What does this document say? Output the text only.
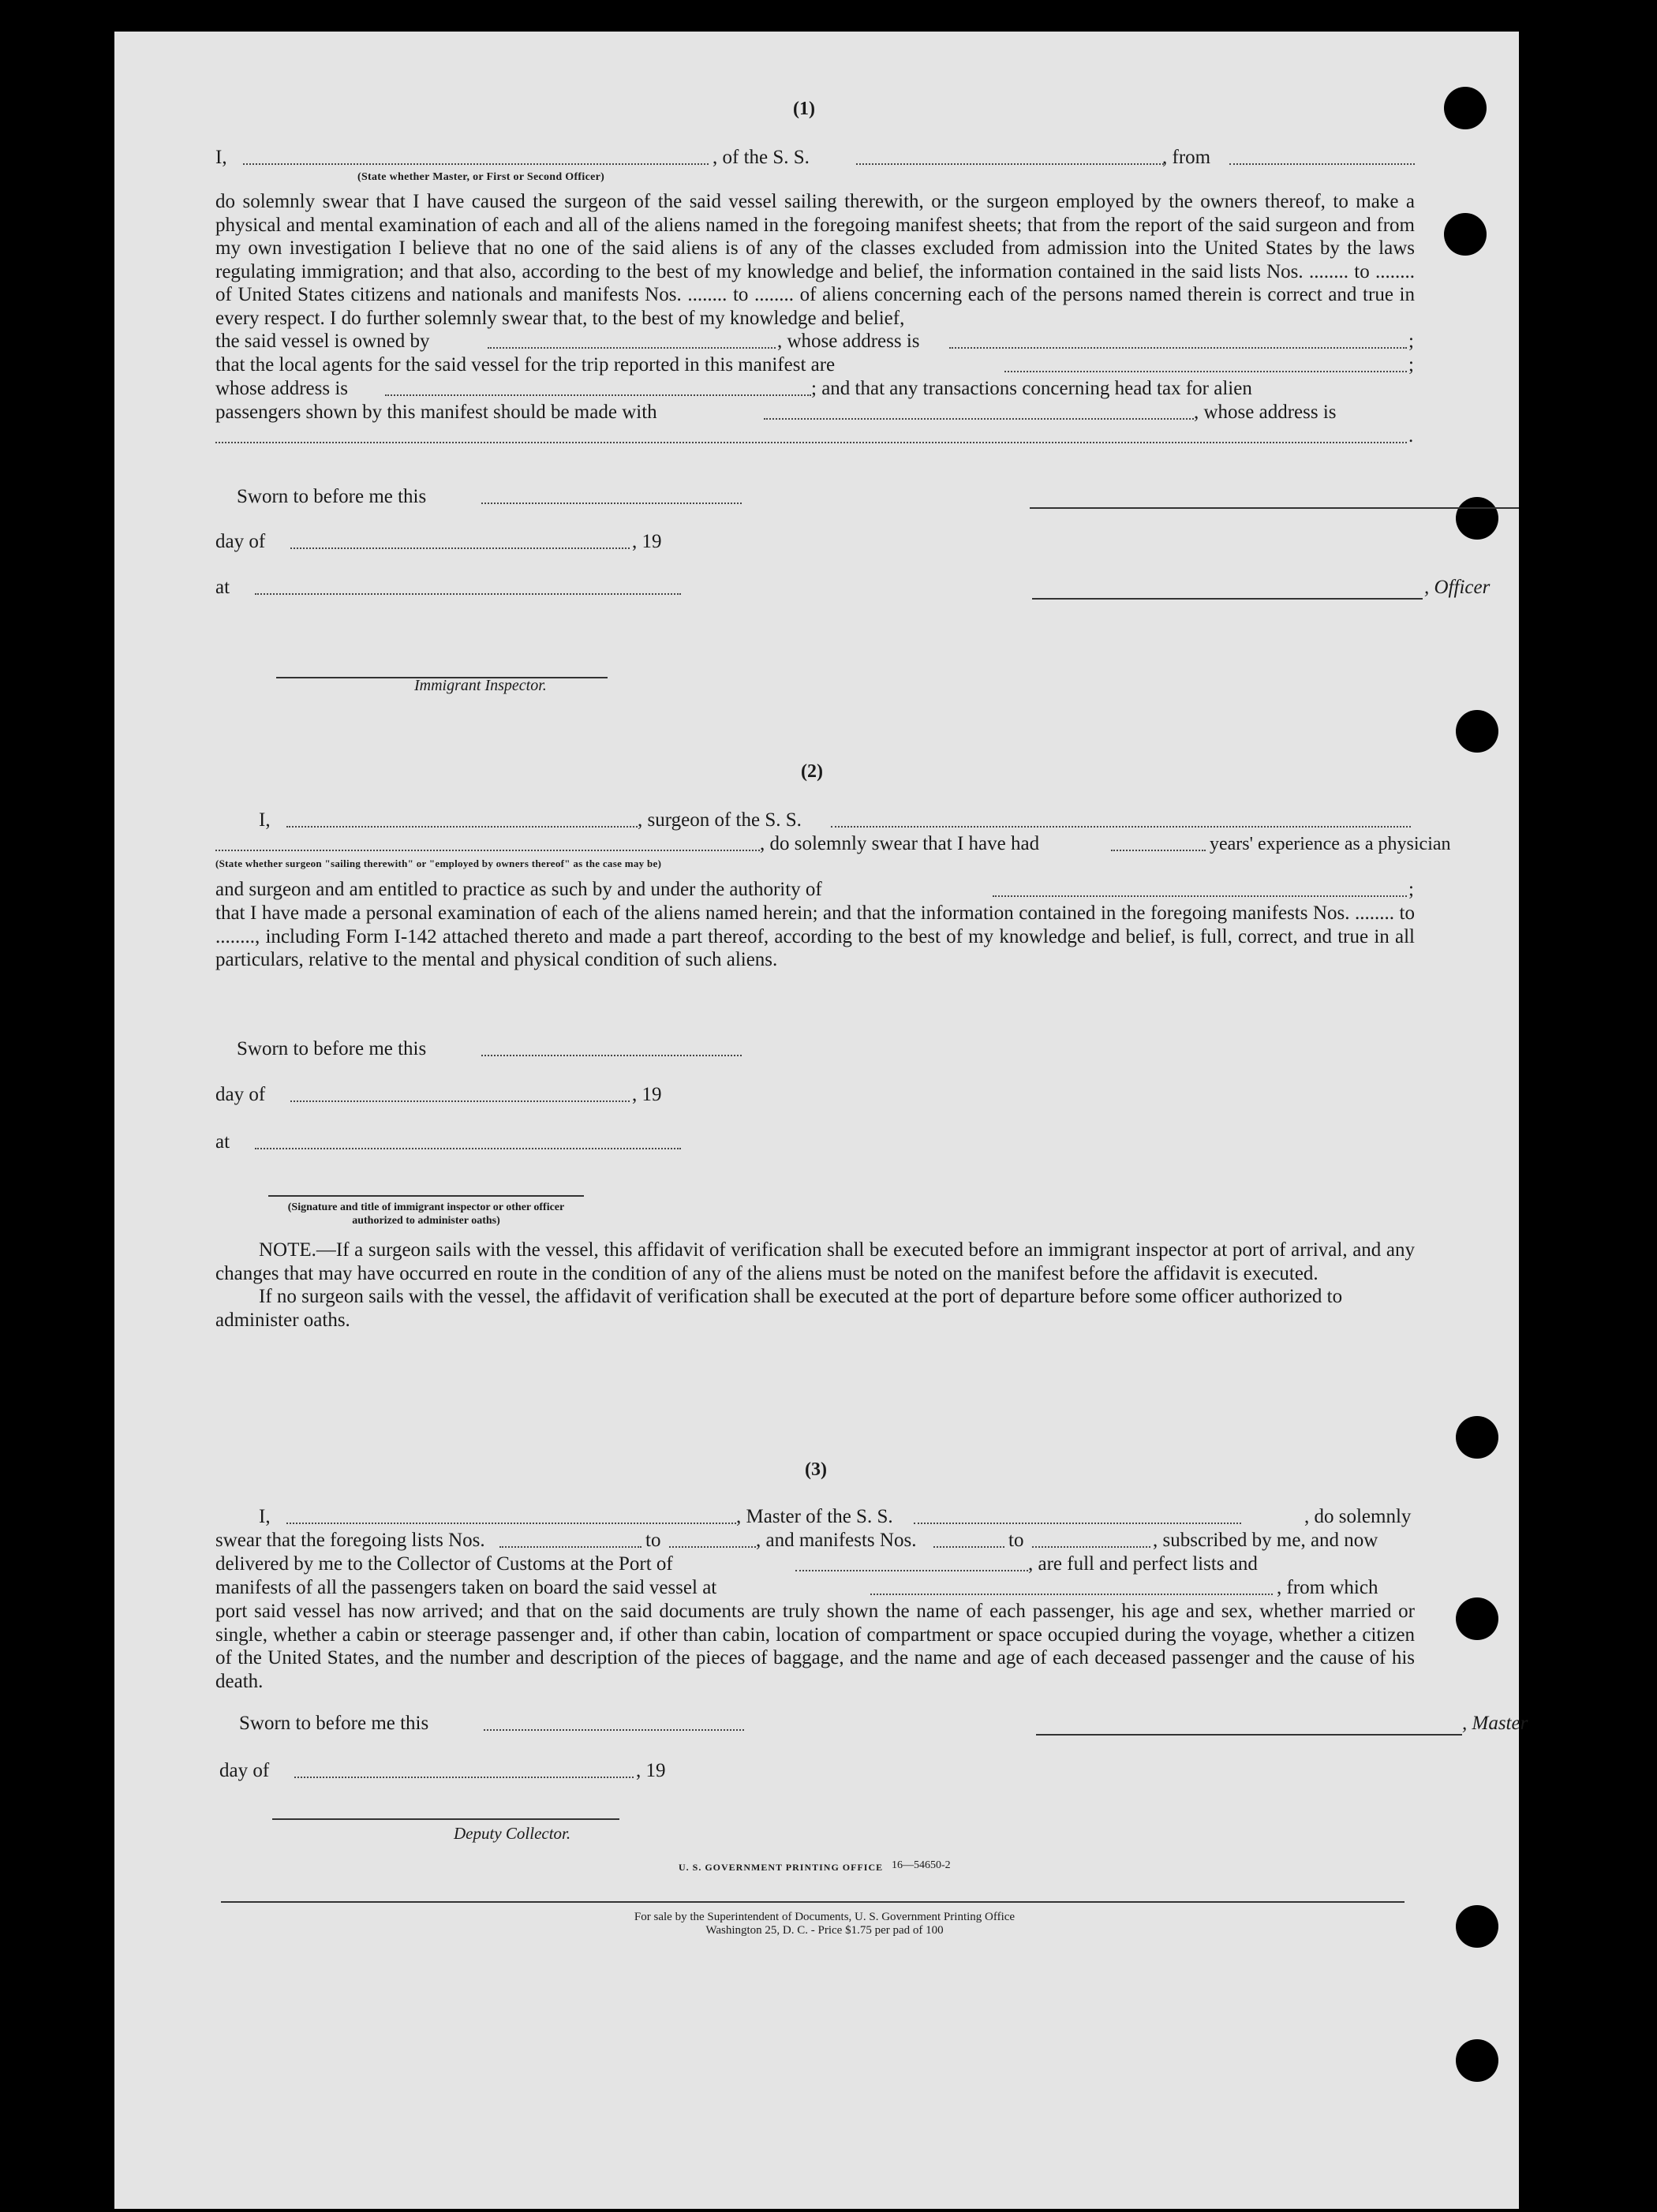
(1)
I,	, of the S. S.	, from
(State whether Master, or First or Second Officer)

do solemnly swear that I have caused the surgeon of the said vessel sailing therewith, or the surgeon employed by the owners thereof, to make a physical and mental examination of each and all of the aliens named in the foregoing manifest sheets; that from the report of the said surgeon and from my own investigation I believe that no one of the said aliens is of any of the classes excluded from admission into the United States by the laws regulating immigration; and that also, according to the best of my knowledge and belief, the information contained in the said lists Nos. ........ to ........ of United States citizens and nationals and manifests Nos. ........ to ........ of aliens concerning each of the persons named therein is correct and true in every respect. I do further solemnly swear that, to the best of my knowledge and belief,

the said vessel is owned by	, whose address is	;
that the local agents for the said vessel for the trip reported in this manifest are	;
whose address is	; and that any transactions concerning head tax for alien
passengers shown by this manifest should be made with	, whose address is
.
Sworn to before me this
day of	, 19
at	, Officer
Immigrant Inspector.
(2)
I,	, surgeon of the S. S.
, do solemnly swear that I have had	years' experience as a physician
(State whether surgeon "sailing therewith" or "employed by owners thereof" as the case may be)
and surgeon and am entitled to practice as such by and under the authority of	;

that I have made a personal examination of each of the aliens named herein; and that the information contained in the foregoing manifests Nos. ........ to ........, including Form I-142 attached thereto and made a part thereof, according to the best of my knowledge and belief, is full, correct, and true in all particulars, relative to the mental and physical condition of such aliens.

Sworn to before me this
day of	, 19
at
(Signature and title of immigrant inspector or other officer authorized to administer oaths)

NOTE.—If a surgeon sails with the vessel, this affidavit of verification shall be executed before an immigrant inspector at port of arrival, and any changes that may have occurred en route in the condition of any of the aliens must be noted on the manifest before the affidavit is executed.

If no surgeon sails with the vessel, the affidavit of verification shall be executed at the port of departure before some officer authorized to administer oaths.

(3)
I,	, Master of the S. S.	, do solemnly
swear that the foregoing lists Nos.	to	, and manifests Nos.	to	, subscribed by me, and now
delivered by me to the Collector of Customs at the Port of	, are full and perfect lists and
manifests of all the passengers taken on board the said vessel at	, from which

port said vessel has now arrived; and that on the said documents are truly shown the name of each passenger, his age and sex, whether married or single, whether a cabin or steerage passenger and, if other than cabin, location of compartment or space occupied during the voyage, whether a citizen of the United States, and the number and description of the pieces of baggage, and the name and age of each deceased passenger and the cause of his death.

Sworn to before me this	, Master
day of	, 19
Deputy Collector.
U. S. GOVERNMENT PRINTING OFFICE 16—54650-2
For sale by the Superintendent of Documents, U. S. Government Printing Office
Washington 25, D. C. - Price $1.75 per pad of 100
